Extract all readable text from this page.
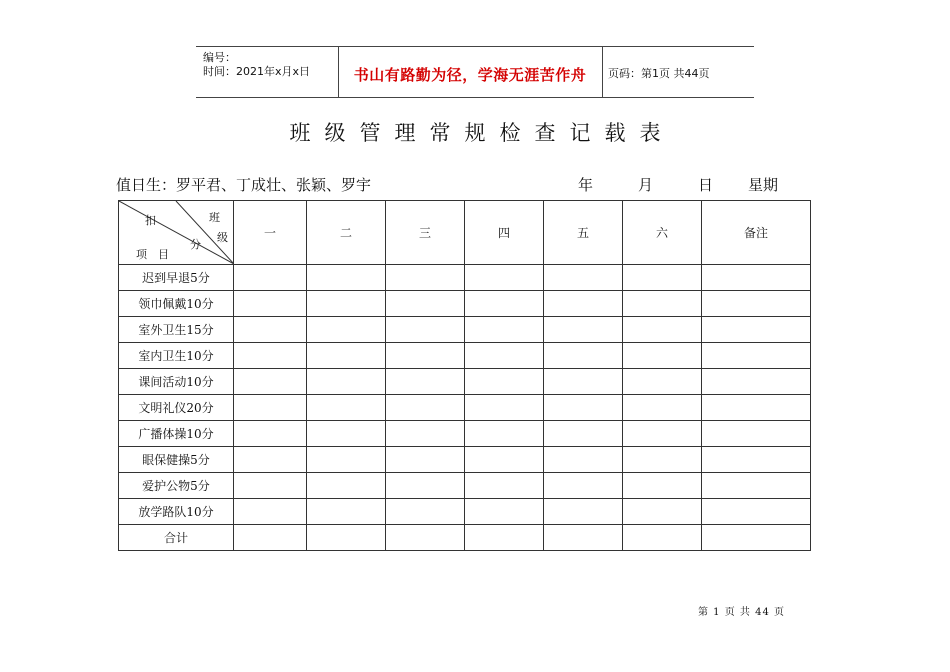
编号：
时间：2021年x月x日	书山有路勤为径，学海无涯苦作舟	页码：第1页 共44页
班级管理常规检查记载表
值日生：罗平君、丁成壮、张颖、罗宇	年	月	日 星期
扣 班
级
分
项　目	一	二	三	四	五	六	备注
迟到早退5分							
领巾佩戴10分							
室外卫生15分							
室内卫生10分							
课间活动10分							
文明礼仪20分							
广播体操10分							
眼保健操5分							
爱护公物5分							
放学路队10分							
合计							
第 1 页 共 44 页
